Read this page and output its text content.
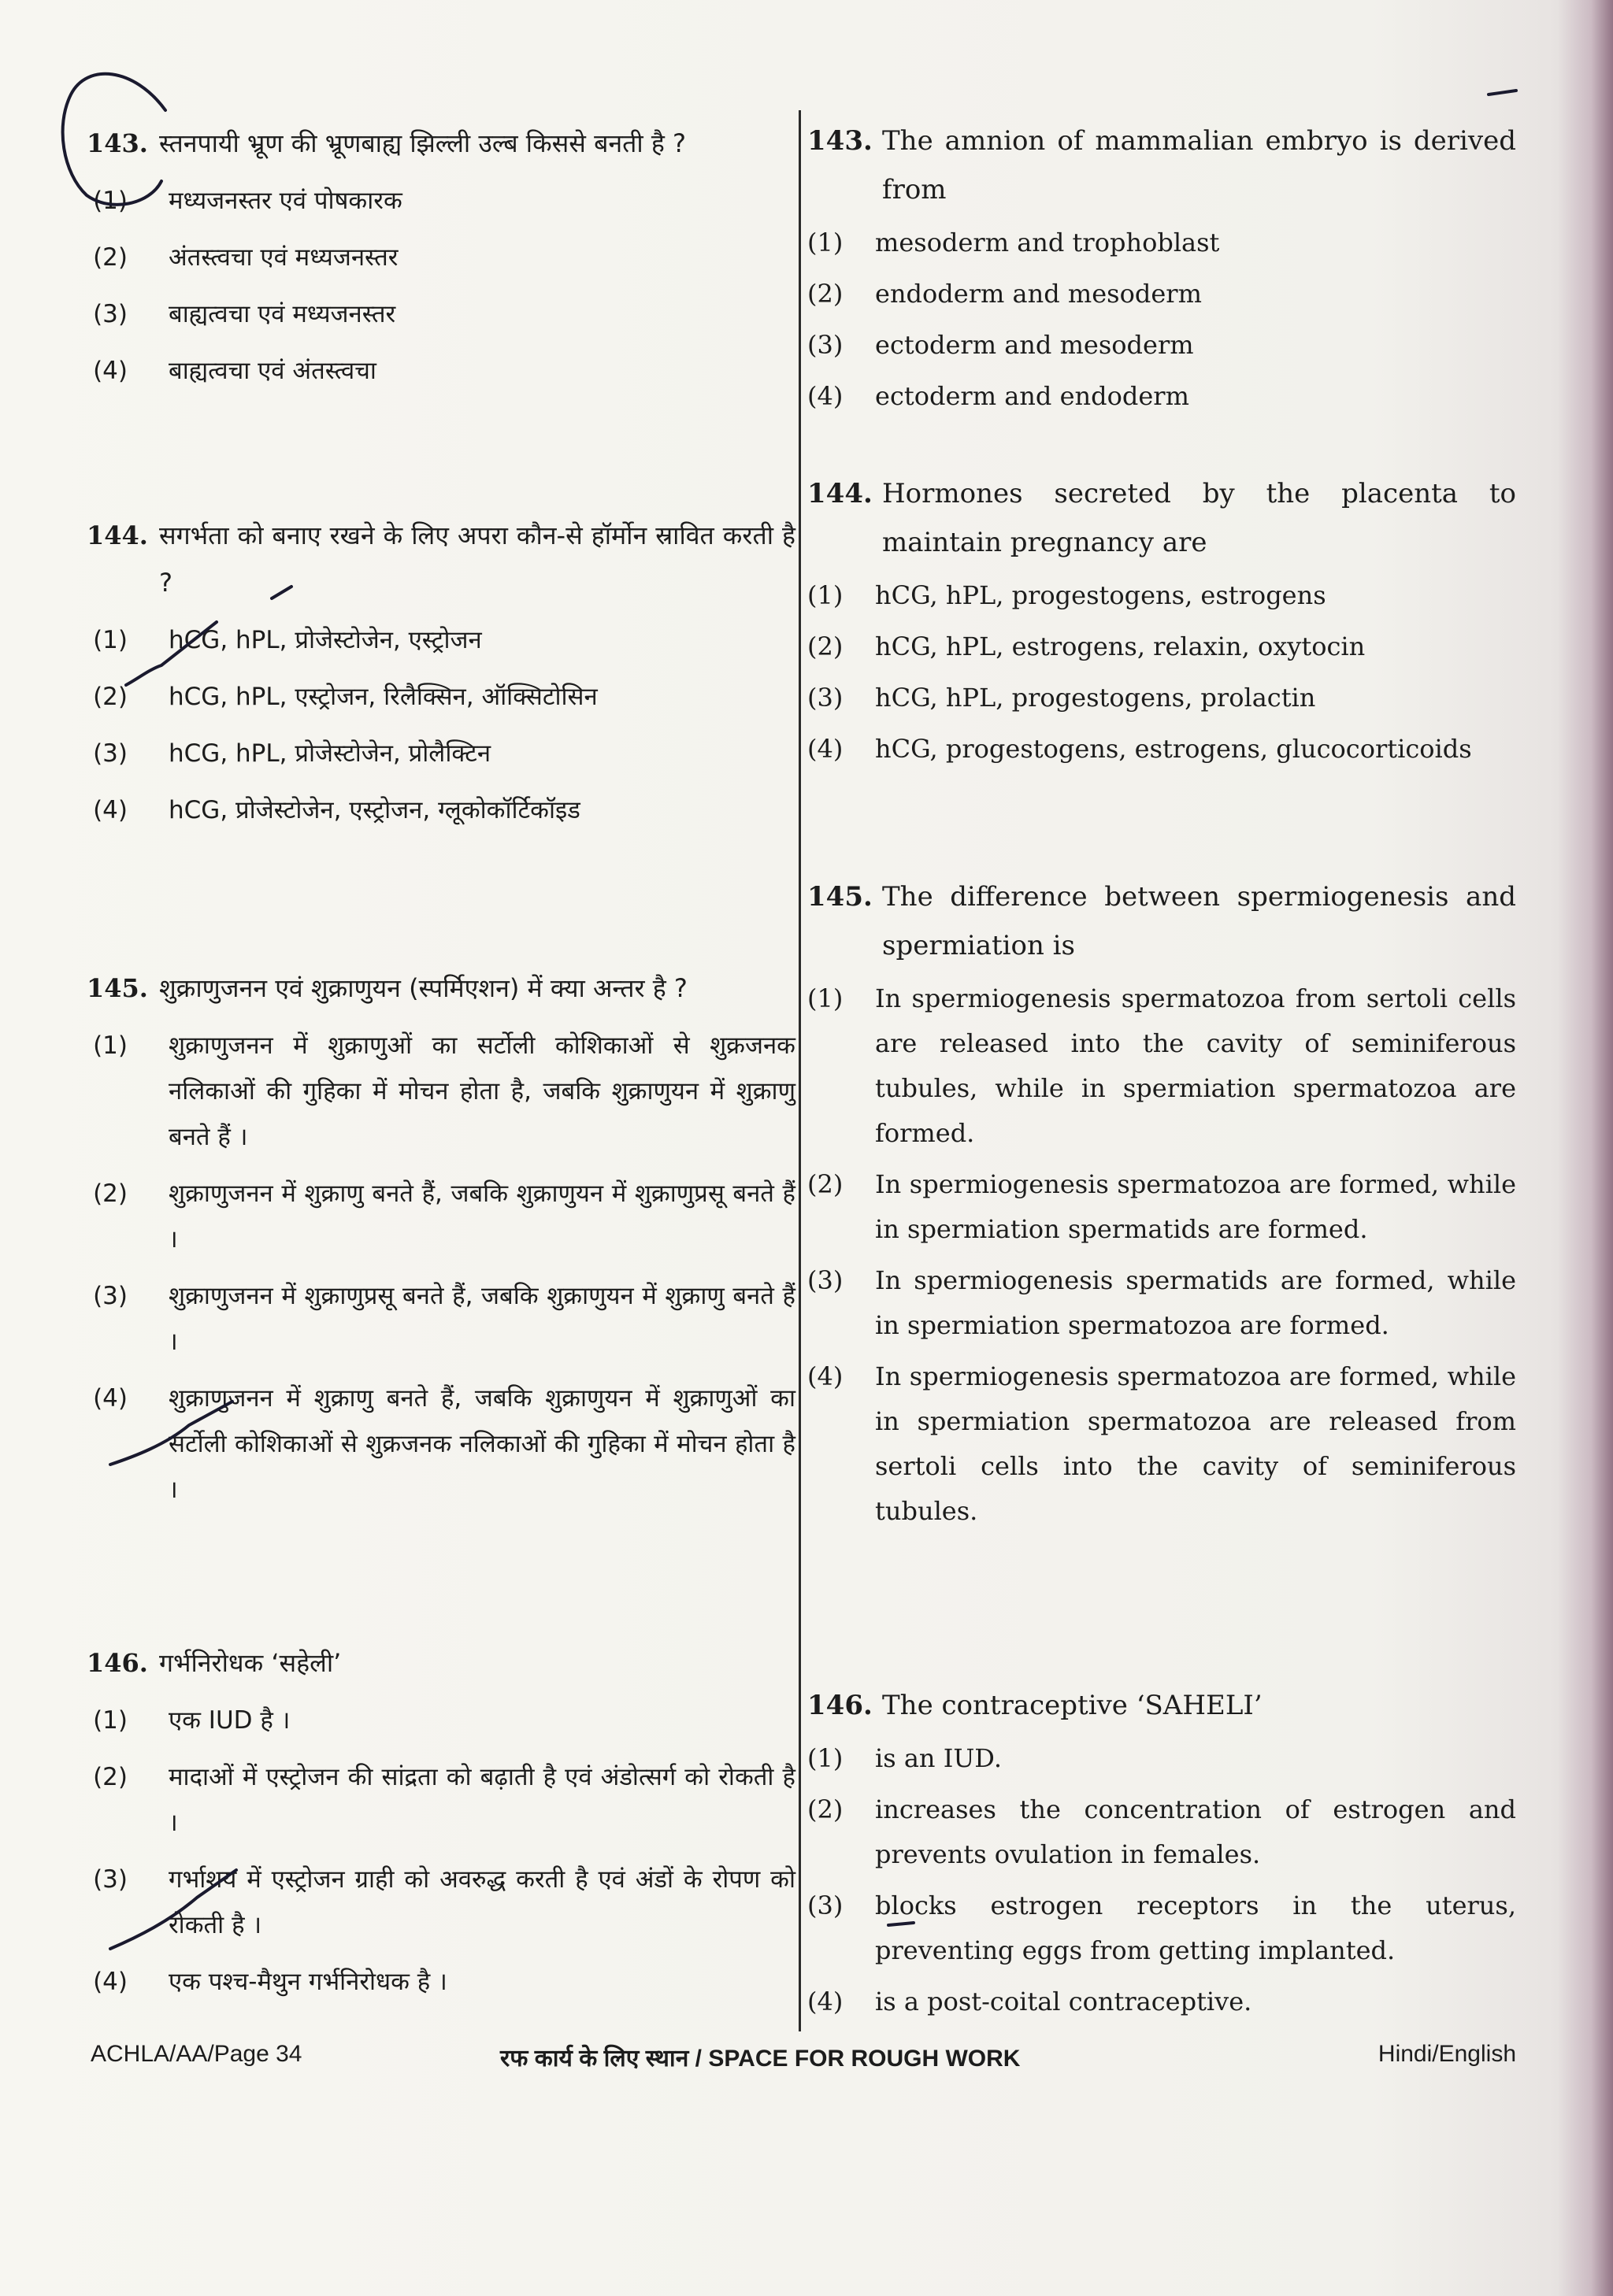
143. स्तनपायी भ्रूण की भ्रूणबाह्य झिल्ली उल्ब किससे बनती है ?
(1)	मध्यजनस्तर एवं पोषकारक
(2)	अंतस्त्वचा एवं मध्यजनस्तर
(3)	बाह्यत्वचा एवं मध्यजनस्तर
(4)	बाह्यत्वचा एवं अंतस्त्वचा
144. सगर्भता को बनाए रखने के लिए अपरा कौन-से हॉर्मोन स्रावित करती है ?
(1)	hCG, hPL, प्रोजेस्टोजेन, एस्ट्रोजन
(2)	hCG, hPL, एस्ट्रोजन, रिलैक्सिन, ऑक्सिटोसिन
(3)	hCG, hPL, प्रोजेस्टोजेन, प्रोलैक्टिन
(4)	hCG, प्रोजेस्टोजेन, एस्ट्रोजन, ग्लूकोकॉर्टिकॉइड
145. शुक्राणुजनन एवं शुक्राणुयन (स्पर्मिएशन) में क्या अन्तर है ?
(1)	शुक्राणुजनन में शुक्राणुओं का सर्टोली कोशिकाओं से शुक्रजनक नलिकाओं की गुहिका में मोचन होता है, जबकि शुक्राणुयन में शुक्राणु बनते हैं ।
(2)	शुक्राणुजनन में शुक्राणु बनते हैं, जबकि शुक्राणुयन में शुक्राणुप्रसू बनते हैं ।
(3)	शुक्राणुजनन में शुक्राणुप्रसू बनते हैं, जबकि शुक्राणुयन में शुक्राणु बनते हैं ।
(4)	शुक्राणुजनन में शुक्राणु बनते हैं, जबकि शुक्राणुयन में शुक्राणुओं का सर्टोली कोशिकाओं से शुक्रजनक नलिकाओं की गुहिका में मोचन होता है ।
146. गर्भनिरोधक ‘सहेली’
(1)	एक IUD है ।
(2)	मादाओं में एस्ट्रोजन की सांद्रता को बढ़ाती है एवं अंडोत्सर्ग को रोकती है ।
(3)	गर्भाशय में एस्ट्रोजन ग्राही को अवरुद्ध करती है एवं अंडों के रोपण को रोकती है ।
(4)	एक पश्च-मैथुन गर्भनिरोधक है ।
143. The amnion of mammalian embryo is derived from
(1)	mesoderm and trophoblast
(2)	endoderm and mesoderm
(3)	ectoderm and mesoderm
(4)	ectoderm and endoderm
144. Hormones secreted by the placenta to maintain pregnancy are
(1)	hCG, hPL, progestogens, estrogens
(2)	hCG, hPL, estrogens, relaxin, oxytocin
(3)	hCG, hPL, progestogens, prolactin
(4)	hCG, progestogens, estrogens, glucocorticoids
145. The difference between spermiogenesis and spermiation is
(1)	In spermiogenesis spermatozoa from sertoli cells are released into the cavity of seminiferous tubules, while in spermiation spermatozoa are formed.
(2)	In spermiogenesis spermatozoa are formed, while in spermiation spermatids are formed.
(3)	In spermiogenesis spermatids are formed, while in spermiation spermatozoa are formed.
(4)	In spermiogenesis spermatozoa are formed, while in spermiation spermatozoa are released from sertoli cells into the cavity of seminiferous tubules.
146. The contraceptive ‘SAHELI’
(1)	is an IUD.
(2)	increases the concentration of estrogen and prevents ovulation in females.
(3)	blocks estrogen receptors in the uterus, preventing eggs from getting implanted.
(4)	is a post-coital contraceptive.
ACHLA/AA/Page 34	रफ कार्य के लिए स्थान / SPACE FOR ROUGH WORK	Hindi/English
